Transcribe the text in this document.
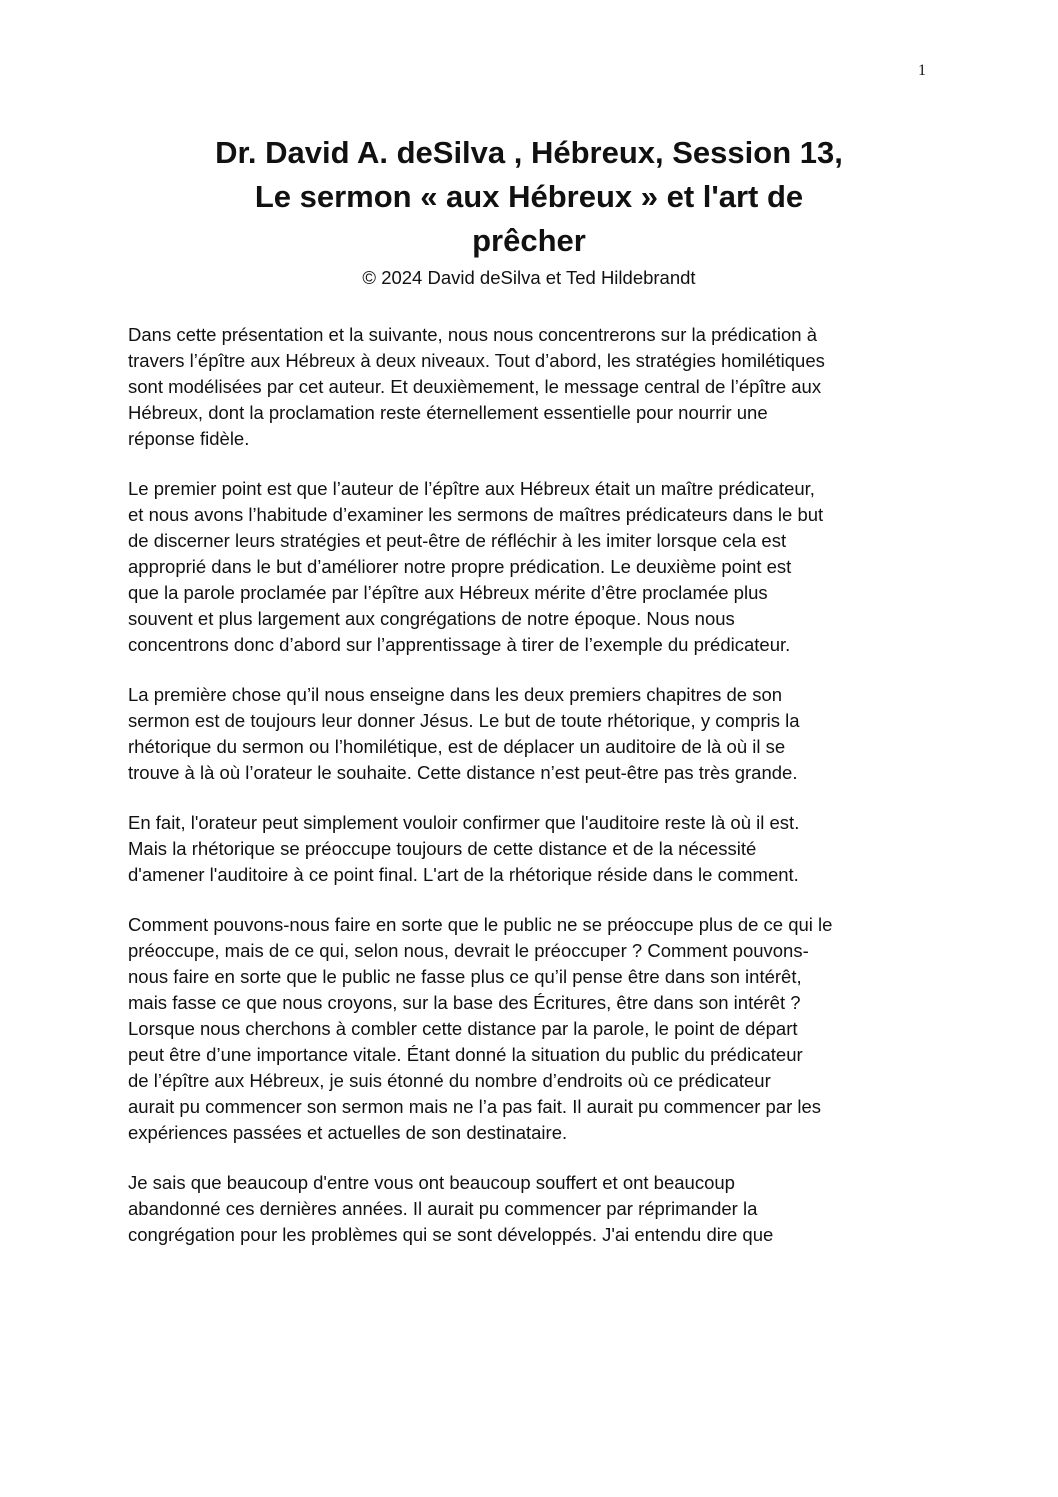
1
Dr. David A. deSilva , Hébreux, Session 13,
Le sermon « aux Hébreux » et l'art de
prêcher
© 2024 David deSilva et Ted Hildebrandt

Dans cette présentation et la suivante, nous nous concentrerons sur la prédication à
travers l’épître aux Hébreux à deux niveaux. Tout d’abord, les stratégies homilétiques
sont modélisées par cet auteur. Et deuxièmement, le message central de l’épître aux
Hébreux, dont la proclamation reste éternellement essentielle pour nourrir une
réponse fidèle.

Le premier point est que l’auteur de l’épître aux Hébreux était un maître prédicateur,
et nous avons l’habitude d’examiner les sermons de maîtres prédicateurs dans le but
de discerner leurs stratégies et peut-être de réfléchir à les imiter lorsque cela est
approprié dans le but d’améliorer notre propre prédication. Le deuxième point est
que la parole proclamée par l’épître aux Hébreux mérite d’être proclamée plus
souvent et plus largement aux congrégations de notre époque. Nous nous
concentrons donc d’abord sur l’apprentissage à tirer de l’exemple du prédicateur.

La première chose qu’il nous enseigne dans les deux premiers chapitres de son
sermon est de toujours leur donner Jésus. Le but de toute rhétorique, y compris la
rhétorique du sermon ou l’homilétique, est de déplacer un auditoire de là où il se
trouve à là où l’orateur le souhaite. Cette distance n’est peut-être pas très grande.

En fait, l'orateur peut simplement vouloir confirmer que l'auditoire reste là où il est.
Mais la rhétorique se préoccupe toujours de cette distance et de la nécessité
d'amener l'auditoire à ce point final. L'art de la rhétorique réside dans le comment.

Comment pouvons-nous faire en sorte que le public ne se préoccupe plus de ce qui le
préoccupe, mais de ce qui, selon nous, devrait le préoccuper ? Comment pouvons-
nous faire en sorte que le public ne fasse plus ce qu’il pense être dans son intérêt,
mais fasse ce que nous croyons, sur la base des Écritures, être dans son intérêt ?
Lorsque nous cherchons à combler cette distance par la parole, le point de départ
peut être d’une importance vitale. Étant donné la situation du public du prédicateur
de l’épître aux Hébreux, je suis étonné du nombre d’endroits où ce prédicateur
aurait pu commencer son sermon mais ne l’a pas fait. Il aurait pu commencer par les
expériences passées et actuelles de son destinataire.

Je sais que beaucoup d'entre vous ont beaucoup souffert et ont beaucoup
abandonné ces dernières années. Il aurait pu commencer par réprimander la
congrégation pour les problèmes qui se sont développés. J'ai entendu dire que
